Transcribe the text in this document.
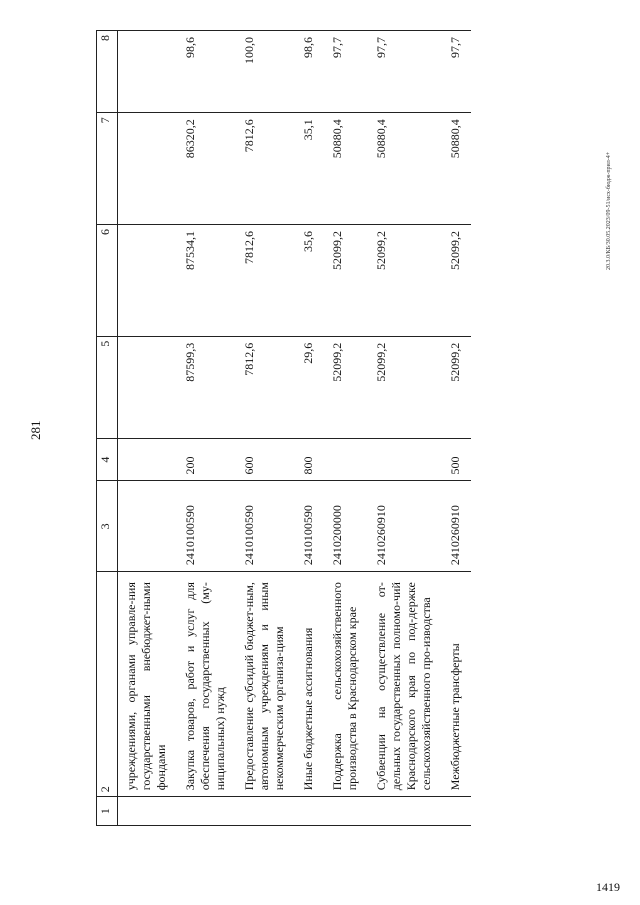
281
20.3.0/КБ/30.05.2023/09-51/исх-бюдж-прил-4+
1	2	3	4	5	6	7	8
	учреждениями, органами управле-ния государственными внебюджет-ными фондами						
	Закупка товаров, работ и услуг для обеспечения государственных (му-ниципальных) нужд	2410100590	200	87599,3	87534,1	86320,2	98,6
	Предоставление субсидий бюджет-ным, автономным учреждениям и иным некоммерческим организа-циям	2410100590	600	7812,6	7812,6	7812,6	100,0
	Иные бюджетные ассигнования	2410100590	800	29,6	35,6	35,1	98,6
	Поддержка сельскохозяйственного производства в Краснодарском крае	2410200000		52099,2	52099,2	50880,4	97,7
	Субвенции на осуществление от-дельных государственных полномо-чий Краснодарского края по под-держке сельскохозяйственного про-изводства	2410260910		52099,2	52099,2	50880,4	97,7
	Межбюджетные трансферты	2410260910	500	52099,2	52099,2	50880,4	97,7
1419
